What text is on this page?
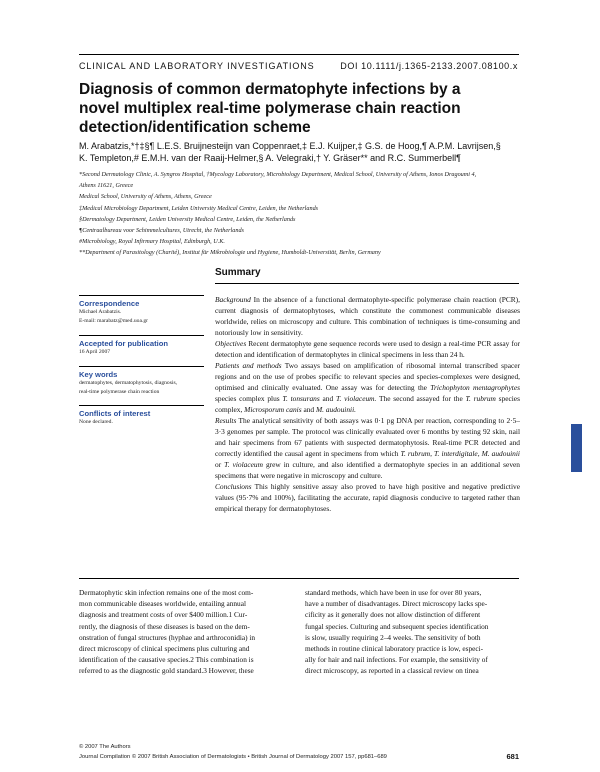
CLINICAL AND LABORATORY INVESTIGATIONS	DOI 10.1111/j.1365-2133.2007.08100.x
Diagnosis of common dermatophyte infections by a
novel multiplex real-time polymerase chain reaction
detection/identification scheme
M. Arabatzis,*†‡§¶ L.E.S. Bruijnesteijn van Coppenraet,‡ E.J. Kuijper,‡ G.S. de Hoog,¶ A.P.M. Lavrijsen,§
K. Templeton,# E.M.H. van der Raaij-Helmer,§ A. Velegraki,† Y. Gräser** and R.C. Summerbell¶
*Second Dermatology Clinic, A. Syngros Hospital, †Mycology Laboratory, Microbiology Department, Medical School, University of Athens, Ionos Dragoumi 4,
Athens 11621, Greece
Medical School, University of Athens, Athens, Greece
‡Medical Microbiology Department, Leiden University Medical Centre, Leiden, the Netherlands
§Dermatology Department, Leiden University Medical Centre, Leiden, the Netherlands
¶Centraalbureau voor Schimmelcultures, Utrecht, the Netherlands
#Microbiology, Royal Infirmary Hospital, Edinburgh, U.K.
**Department of Parasitology (Charité), Institut für Mikrobiologie und Hygiene, Humboldt-Universität, Berlin, Germany
Summary
Correspondence
Michael Arabatzis.
E-mail: marabatz@med.uoa.gr
Accepted for publication
16 April 2007
Key words
dermatophytes, dermatophytosis, diagnosis,
real-time polymerase chain reaction
Conflicts of interest
None declared.

Background In the absence of a functional dermatophyte-specific polymerase chain reaction (PCR), current diagnosis of dermatophytoses, which constitute the commonest communicable diseases worldwide, relies on microscopy and culture. This combination of techniques is time-consuming and notoriously low in sensitivity.

Objectives Recent dermatophyte gene sequence records were used to design a real-time PCR assay for detection and identification of dermatophytes in clinical specimens in less than 24 h.

Patients and methods Two assays based on amplification of ribosomal internal transcribed spacer regions and on the use of probes specific to relevant species and species-complexes were designed, optimised and clinically evaluated. One assay was for detecting the Trichophyton mentagrophytes species complex plus T. tonsurans and T. violaceum. The second assayed for the T. rubrum species complex, Microsporum canis and M. audouinii.

Results The analytical sensitivity of both assays was 0·1 pg DNA per reaction, corresponding to 2·5–3·3 genomes per sample. The protocol was clinically evaluated over 6 months by testing 92 skin, nail and hair specimens from 67 patients with suspected dermatophytosis. Real-time PCR detected and correctly identified the causal agent in specimens from which T. rubrum, T. interdigitale, M. audouinii or T. violaceum grew in culture, and also identified a dermatophyte species in an additional seven specimens that were negative in microscopy and culture.

Conclusions This highly sensitive assay also proved to have high positive and negative predictive values (95·7% and 100%), facilitating the accurate, rapid diagnosis conducive to targeted rather than empirical therapy for dermatophytoses.

Dermatophytic skin infection remains one of the most com-
mon communicable diseases worldwide, entailing annual
diagnosis and treatment costs of over $400 million.1 Cur-
rently, the diagnosis of these diseases is based on the dem-
onstration of fungal structures (hyphae and arthroconidia) in
direct microscopy of clinical specimens plus culturing and
identification of the causative species.2 This combination is
referred to as the diagnostic gold standard.3 However, these
standard methods, which have been in use for over 80 years,
have a number of disadvantages. Direct microscopy lacks spe-
cificity as it generally does not allow distinction of different
fungal species. Culturing and subsequent species identification
is slow, usually requiring 2–4 weeks. The sensitivity of both
methods in routine clinical laboratory practice is low, especi-
ally for hair and nail infections. For example, the sensitivity of
direct microscopy, as reported in a classical review on tinea
© 2007 The Authors
Journal Compilation © 2007 British Association of Dermatologists • British Journal of Dermatology 2007 157, pp681–689	681
